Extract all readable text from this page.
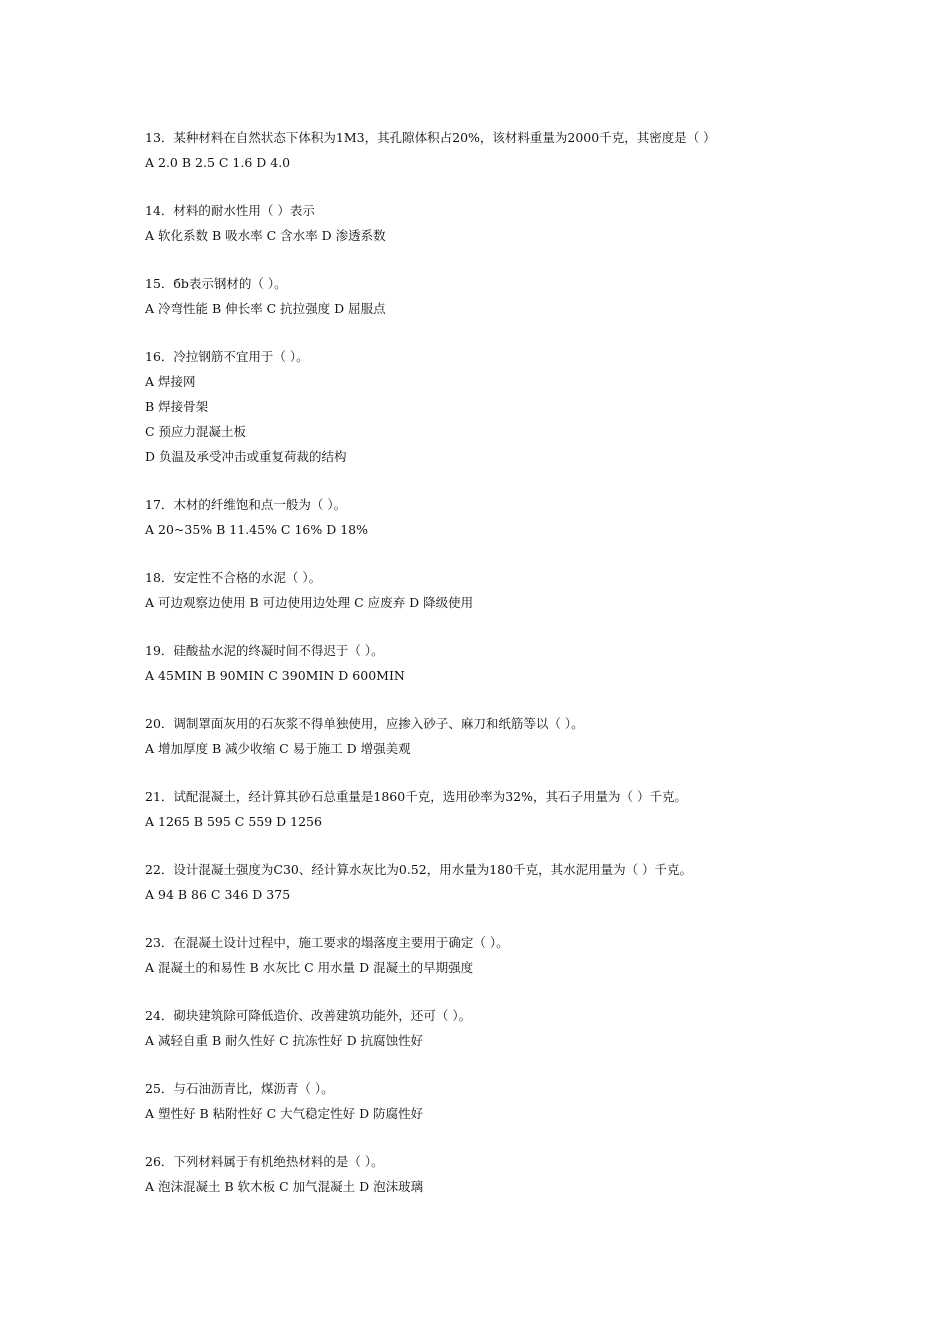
13．某种材料在自然状态下体积为1M3，其孔隙体积占20%，该材料重量为2000千克，其密度是（ ）
A 2.0 B 2.5 C 1.6 D 4.0
14．材料的耐水性用（ ）表示
A 软化系数 B 吸水率 C 含水率 D 渗透系数
15．бb表示钢材的（ ）。
A 冷弯性能 B 伸长率 C 抗拉强度 D 屈服点
16．冷拉钢筋不宜用于（ ）。
A 焊接网
B 焊接骨架
C 预应力混凝土板
D 负温及承受冲击或重复荷裁的结构
17．木材的纤维饱和点一般为（ ）。
A 20~35% B 11.45% C 16% D 18%
18．安定性不合格的水泥（ ）。
A 可边观察边使用 B 可边使用边处理 C 应废弃 D 降级使用
19．硅酸盐水泥的终凝时间不得迟于（ ）。
A 45MIN B 90MIN C 390MIN D 600MIN
20．调制罩面灰用的石灰浆不得单独使用，应掺入砂子、麻刀和纸筋等以（ ）。
A 增加厚度 B 减少收缩 C 易于施工 D 增强美观
21．试配混凝土，经计算其砂石总重量是1860千克，选用砂率为32%，其石子用量为（ ）千克。
A 1265 B 595 C 559 D 1256
22．设计混凝土强度为C30、经计算水灰比为0.52，用水量为180千克，其水泥用量为（ ）千克。
A 94 B 86 C 346 D 375
23．在混凝土设计过程中，施工要求的塌落度主要用于确定（ ）。
A 混凝土的和易性 B 水灰比 C 用水量 D 混凝土的早期强度
24．砌块建筑除可降低造价、改善建筑功能外，还可（ ）。
A 减轻自重 B 耐久性好 C 抗冻性好 D 抗腐蚀性好
25．与石油沥青比，煤沥青（ ）。
A 塑性好 B 粘附性好 C 大气稳定性好 D 防腐性好
26．下列材料属于有机绝热材料的是（ ）。
A 泡沫混凝土 B 软木板 C 加气混凝土 D 泡沫玻璃
